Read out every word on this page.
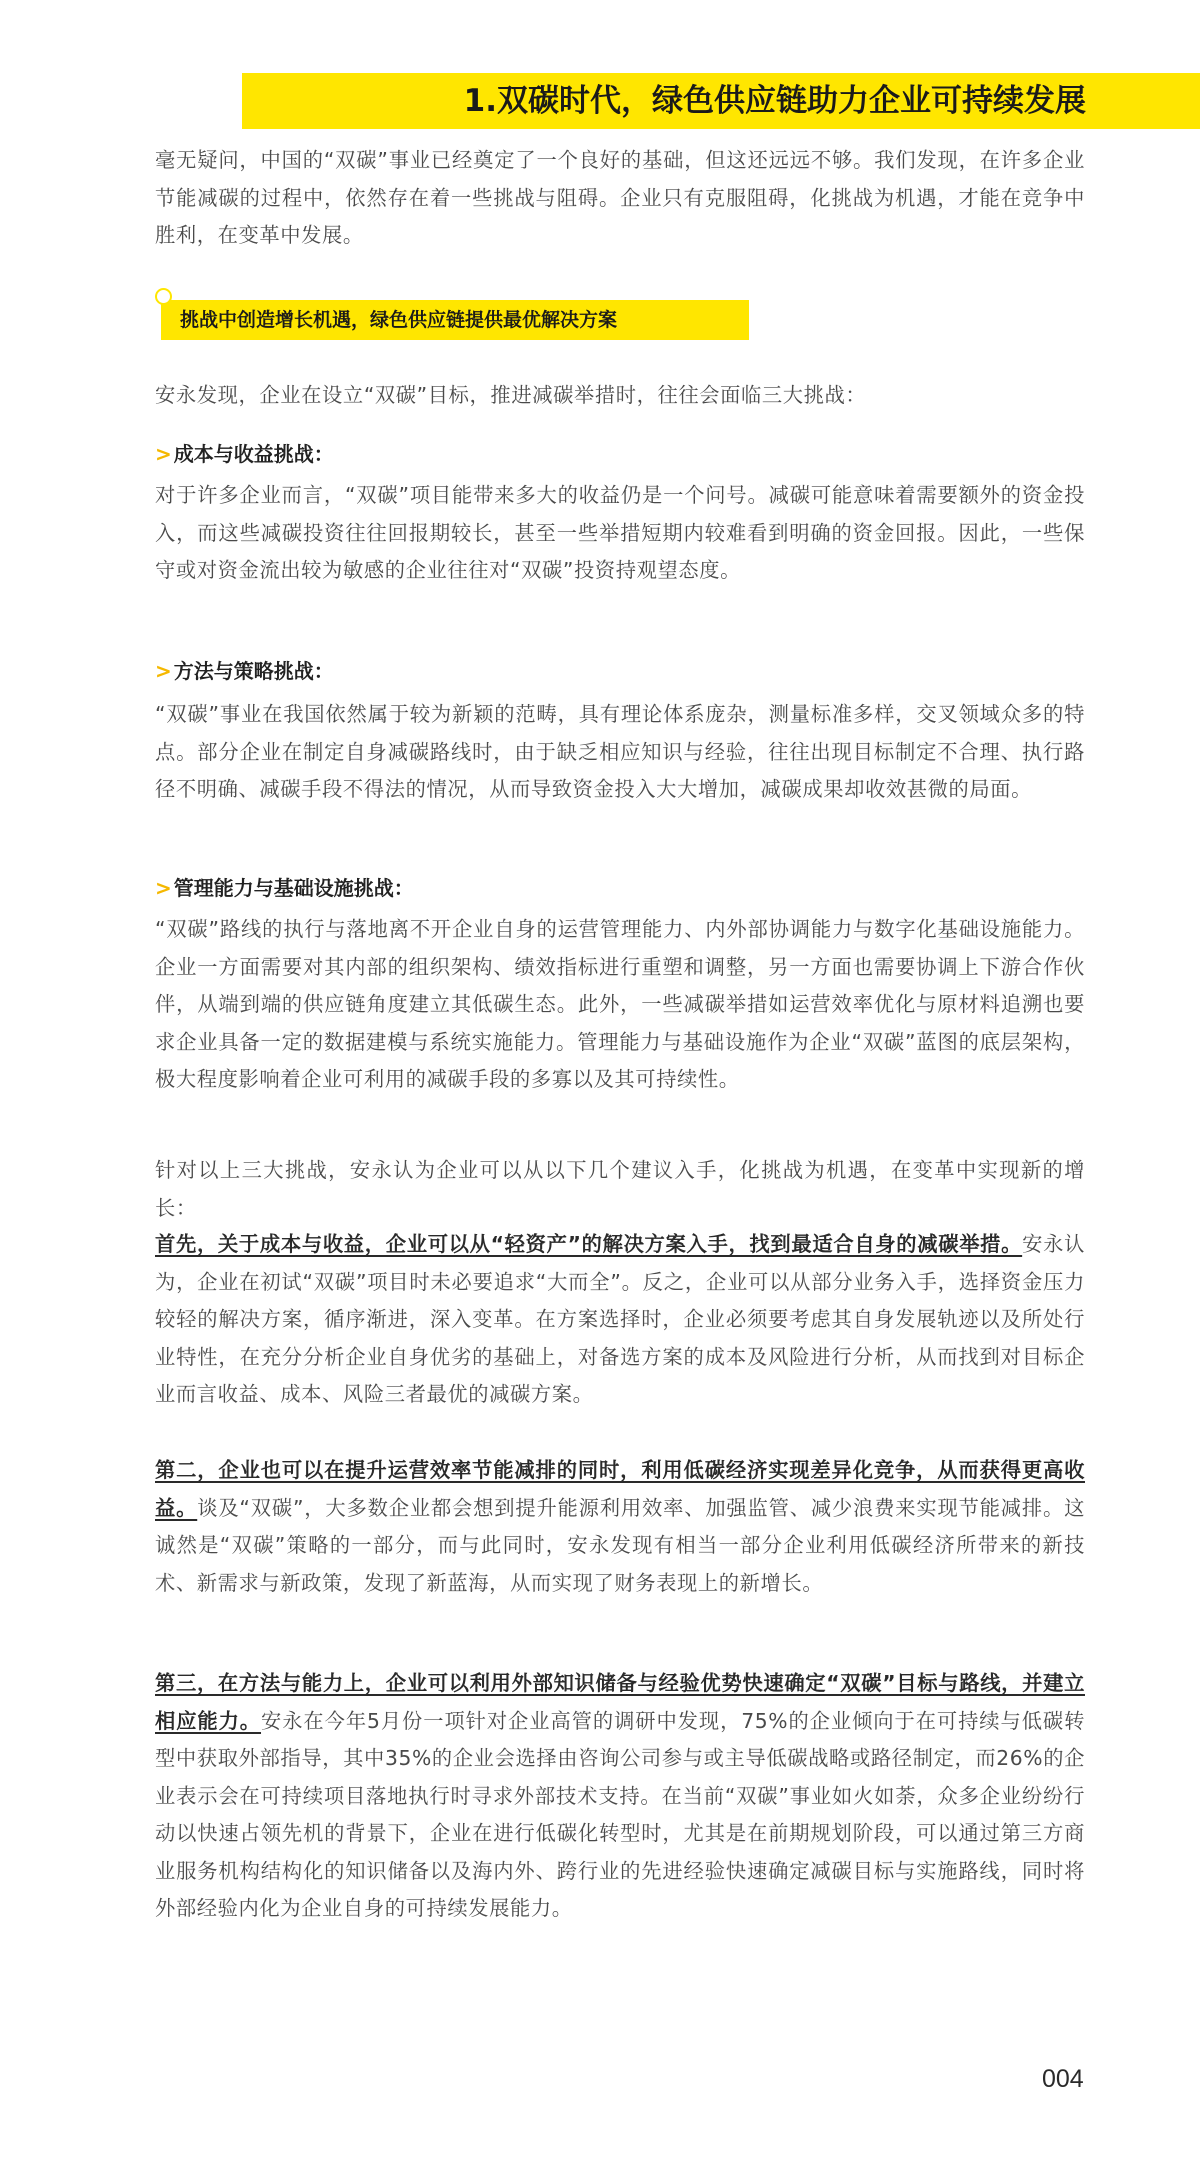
1.双碳时代，绿色供应链助力企业可持续发展

毫无疑问，中国的“双碳”事业已经奠定了一个良好的基础，但这还远远不够。我们发现，在许多企业节能减碳的过程中，依然存在着一些挑战与阻碍。企业只有克服阻碍，化挑战为机遇，才能在竞争中胜利，在变革中发展。

挑战中创造增长机遇，绿色供应链提供最优解决方案

安永发现，企业在设立“双碳”目标，推进减碳举措时，往往会面临三大挑战：

> 成本与收益挑战：

对于许多企业而言，“双碳”项目能带来多大的收益仍是一个问号。减碳可能意味着需要额外的资金投入，而这些减碳投资往往回报期较长，甚至一些举措短期内较难看到明确的资金回报。因此，一些保守或对资金流出较为敏感的企业往往对“双碳”投资持观望态度。

> 方法与策略挑战：

“双碳”事业在我国依然属于较为新颖的范畴，具有理论体系庞杂，测量标准多样，交叉领域众多的特点。部分企业在制定自身减碳路线时，由于缺乏相应知识与经验，往往出现目标制定不合理、执行路径不明确、减碳手段不得法的情况，从而导致资金投入大大增加，减碳成果却收效甚微的局面。

> 管理能力与基础设施挑战：

“双碳”路线的执行与落地离不开企业自身的运营管理能力、内外部协调能力与数字化基础设施能力。企业一方面需要对其内部的组织架构、绩效指标进行重塑和调整，另一方面也需要协调上下游合作伙伴，从端到端的供应链角度建立其低碳生态。此外，一些减碳举措如运营效率优化与原材料追溯也要求企业具备一定的数据建模与系统实施能力。管理能力与基础设施作为企业“双碳”蓝图的底层架构，极大程度影响着企业可利用的减碳手段的多寡以及其可持续性。

针对以上三大挑战，安永认为企业可以从以下几个建议入手，化挑战为机遇，在变革中实现新的增长：

首先，关于成本与收益，企业可以从“轻资产”的解决方案入手，找到最适合自身的减碳举措。安永认为，企业在初试“双碳”项目时未必要追求“大而全”。反之，企业可以从部分业务入手，选择资金压力较轻的解决方案，循序渐进，深入变革。在方案选择时，企业必须要考虑其自身发展轨迹以及所处行业特性，在充分分析企业自身优劣的基础上，对备选方案的成本及风险进行分析，从而找到对目标企业而言收益、成本、风险三者最优的减碳方案。

第二，企业也可以在提升运营效率节能减排的同时，利用低碳经济实现差异化竞争，从而获得更高收益。谈及“双碳”，大多数企业都会想到提升能源利用效率、加强监管、减少浪费来实现节能减排。这诚然是“双碳”策略的一部分，而与此同时，安永发现有相当一部分企业利用低碳经济所带来的新技术、新需求与新政策，发现了新蓝海，从而实现了财务表现上的新增长。

第三，在方法与能力上，企业可以利用外部知识储备与经验优势快速确定“双碳”目标与路线，并建立相应能力。安永在今年5月份一项针对企业高管的调研中发现，75%的企业倾向于在可持续与低碳转型中获取外部指导，其中35%的企业会选择由咨询公司参与或主导低碳战略或路径制定，而26%的企业表示会在可持续项目落地执行时寻求外部技术支持。在当前“双碳”事业如火如荼，众多企业纷纷行动以快速占领先机的背景下，企业在进行低碳化转型时，尤其是在前期规划阶段，可以通过第三方商业服务机构结构化的知识储备以及海内外、跨行业的先进经验快速确定减碳目标与实施路线，同时将外部经验内化为企业自身的可持续发展能力。

004
